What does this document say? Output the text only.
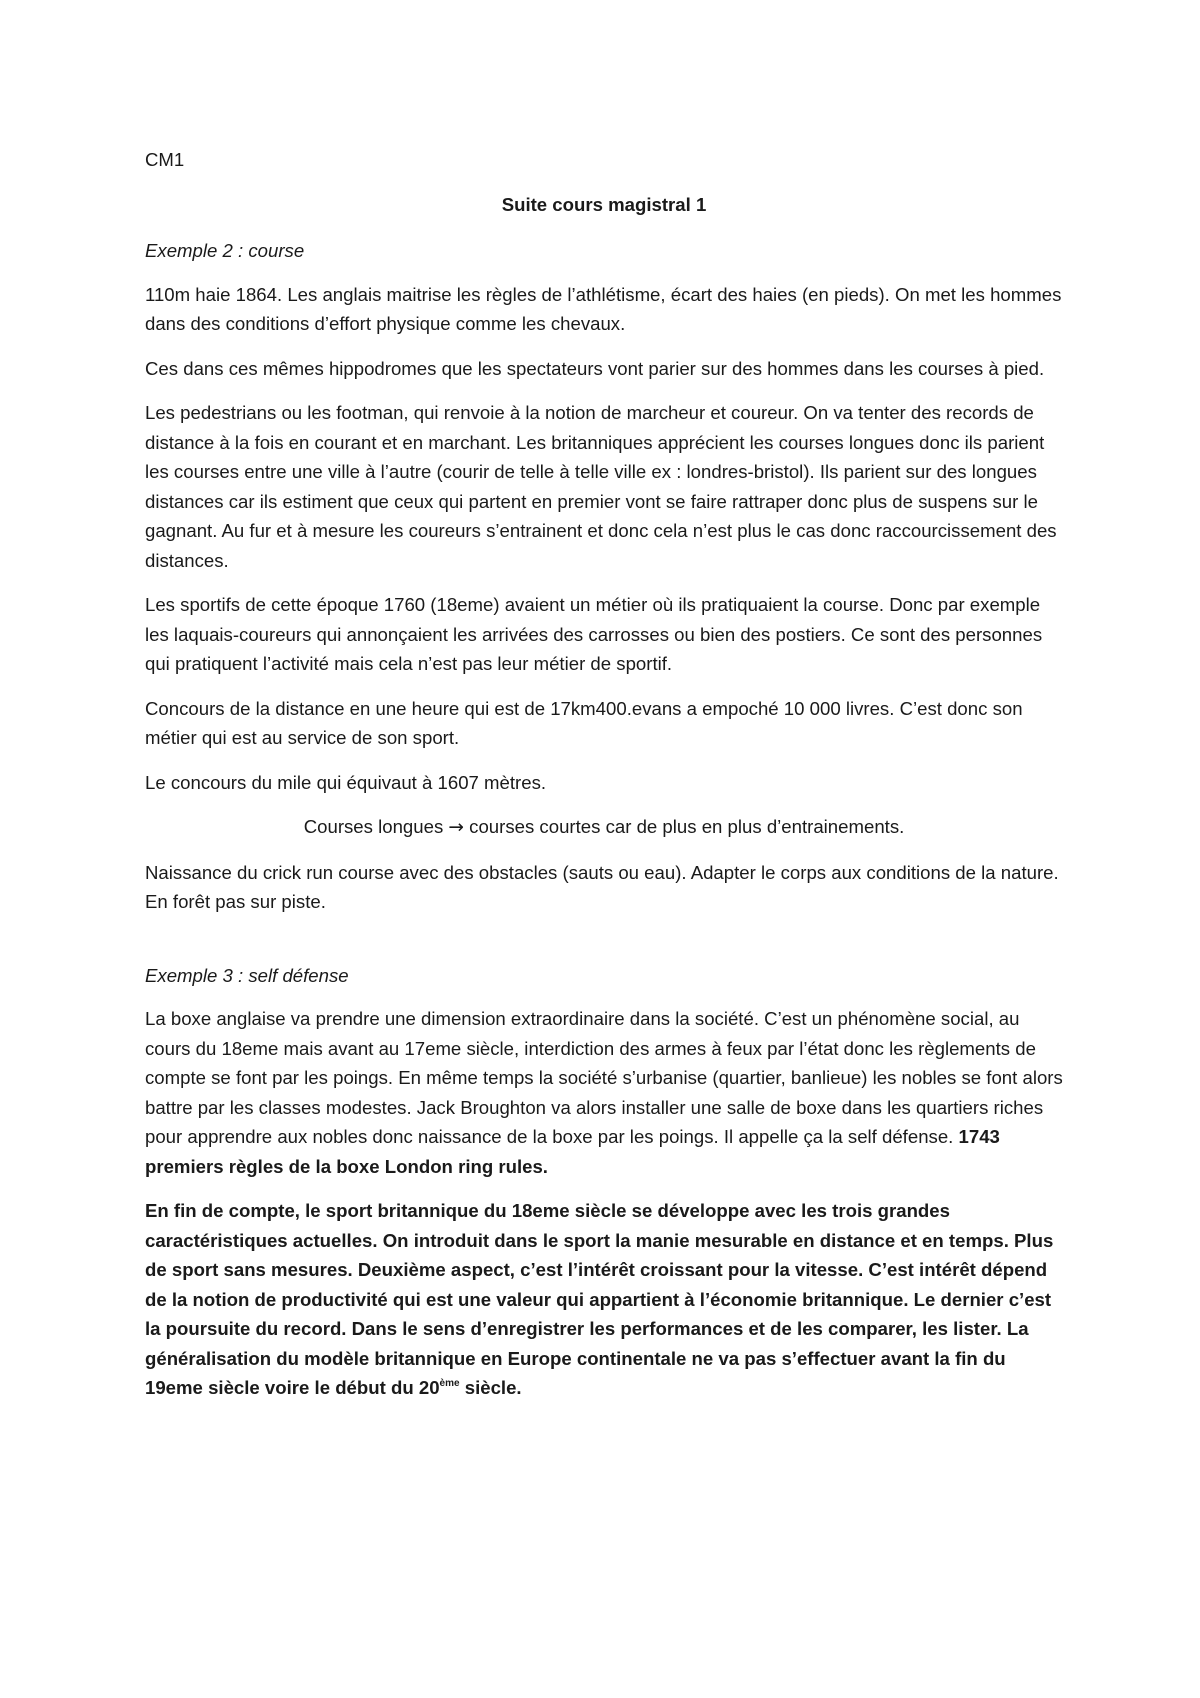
CM1

Suite cours magistral 1

Exemple 2 : course

110m haie 1864. Les anglais maitrise les règles de l’athlétisme, écart des haies (en pieds). On met les hommes dans des conditions d’effort physique comme les chevaux.

Ces dans ces mêmes hippodromes que les spectateurs vont parier sur des hommes dans les courses à pied.

Les pedestrians ou les footman, qui renvoie à la notion de marcheur et coureur. On va tenter des records de distance à la fois en courant et en marchant. Les britanniques apprécient les courses longues donc ils parient les courses entre une ville à l’autre (courir de telle à telle ville ex : londres-bristol). Ils parient sur des longues distances car ils estiment que ceux qui partent en premier vont se faire rattraper donc plus de suspens sur le gagnant. Au fur et à mesure les coureurs s’entrainent et donc cela n’est plus le cas donc raccourcissement des distances.

Les sportifs de cette époque 1760 (18eme) avaient un métier où ils pratiquaient la course. Donc par exemple les laquais-coureurs qui annonçaient les arrivées des carrosses ou bien des postiers. Ce sont des personnes qui pratiquent l’activité mais cela n’est pas leur métier de sportif.

Concours de la distance en une heure qui est de 17km400.evans a empoché 10 000 livres. C’est donc son métier qui est au service de son sport.

Le concours du mile qui équivaut à 1607 mètres.

Courses longues → courses courtes car de plus en plus d’entrainements.

Naissance du crick run course avec des obstacles (sauts ou eau). Adapter le corps aux conditions de la nature. En forêt pas sur piste.

Exemple 3 : self défense

La boxe anglaise va prendre une dimension extraordinaire dans la société. C’est un phénomène social, au cours du 18eme mais avant au 17eme siècle, interdiction des armes à feux par l’état donc les règlements de compte se font par les poings. En même temps la société s’urbanise (quartier, banlieue) les nobles se font alors battre par les classes modestes. Jack Broughton va alors installer une salle de boxe dans les quartiers riches pour apprendre aux nobles donc naissance de la boxe par les poings. Il appelle ça la self défense. 1743 premiers règles de la boxe London ring rules.

En fin de compte, le sport britannique du 18eme siècle se développe avec les trois grandes caractéristiques actuelles. On introduit dans le sport la manie mesurable en distance et en temps. Plus de sport sans mesures. Deuxième aspect, c’est l’intérêt croissant pour la vitesse. C’est intérêt dépend de la notion de productivité qui est une valeur qui appartient à l’économie britannique. Le dernier c’est la poursuite du record. Dans le sens d’enregistrer les performances et de les comparer, les lister. La généralisation du modèle britannique en Europe continentale ne va pas s’effectuer avant la fin du 19eme siècle voire le début du 20ème siècle.
